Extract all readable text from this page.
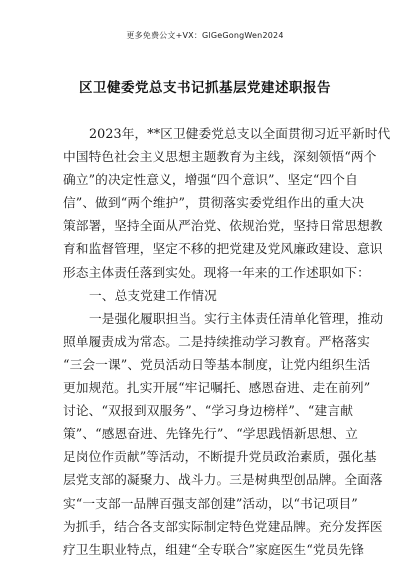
更多免费公文+VX：GlGeGongWen2024
区卫健委党总支书记抓基层党建述职报告
2023年，**区卫健委党总支以全面贯彻习近平新时代
中国特色社会主义思想主题教育为主线，深刻领悟“两个
确立”的决定性意义，增强“四个意识”、坚定“四个自
信”、做到“两个维护”，贯彻落实委党组作出的重大决
策部署，坚持全面从严治党、依规治党，坚持日常思想教
育和监督管理，坚定不移的把党建及党风廉政建设、意识
形态主体责任落到实处。现将一年来的工作述职如下：
一、总支党建工作情况
一是强化履职担当。实行主体责任清单化管理，推动
照单履责成为常态。二是持续推动学习教育。严格落实
“三会一课”、党员活动日等基本制度，让党内组织生活
更加规范。扎实开展“牢记嘱托、感恩奋进、走在前列”
讨论、“双报到双服务”、“学习身边榜样”、“建言献
策”、“感恩奋进、先锋先行”、“学思践悟新思想、立
足岗位作贡献”等活动，不断提升党员政治素质，强化基
层党支部的凝聚力、战斗力。三是树典型创品牌。全面落
实“一支部一品牌百强支部创建”活动，以“书记项目”
为抓手，结合各支部实际制定特色党建品牌。充分发挥医
疗卫生职业特点，组建“全专联合”家庭医生“党员先锋
